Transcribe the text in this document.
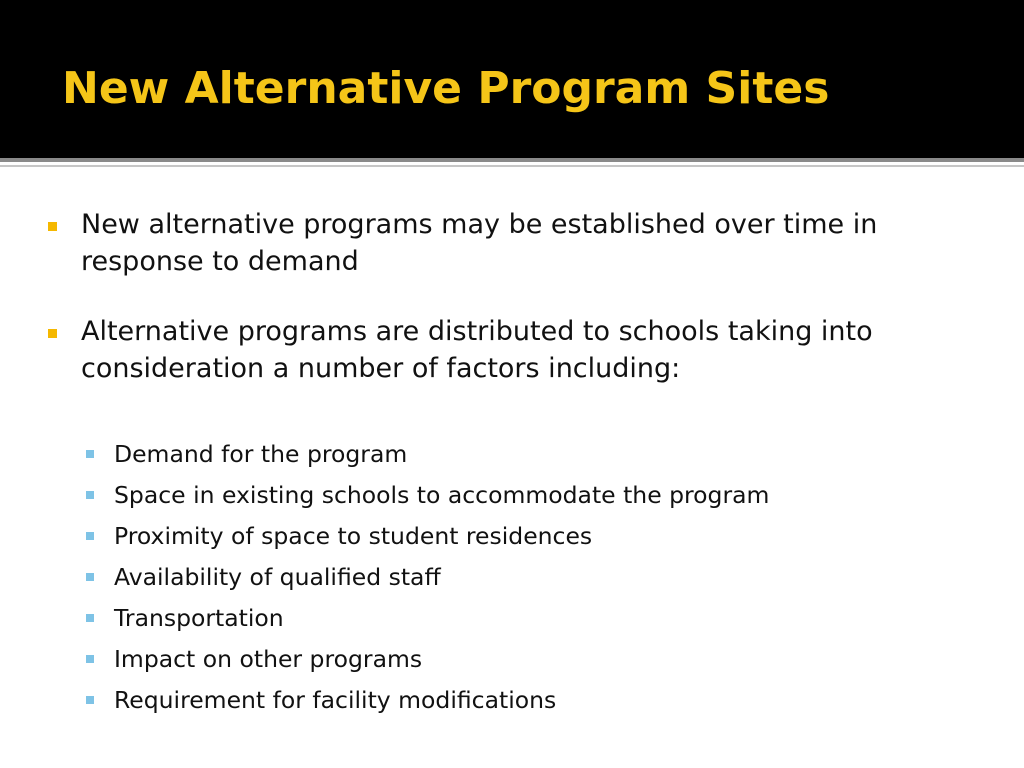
New Alternative Program Sites
New alternative programs may be established over time in response to demand
Alternative programs are distributed to schools taking into consideration a number of factors including:
Demand for the program
Space in existing schools to accommodate the program
Proximity of space to student residences
Availability of qualified staff
Transportation
Impact on other programs
Requirement for facility modifications
